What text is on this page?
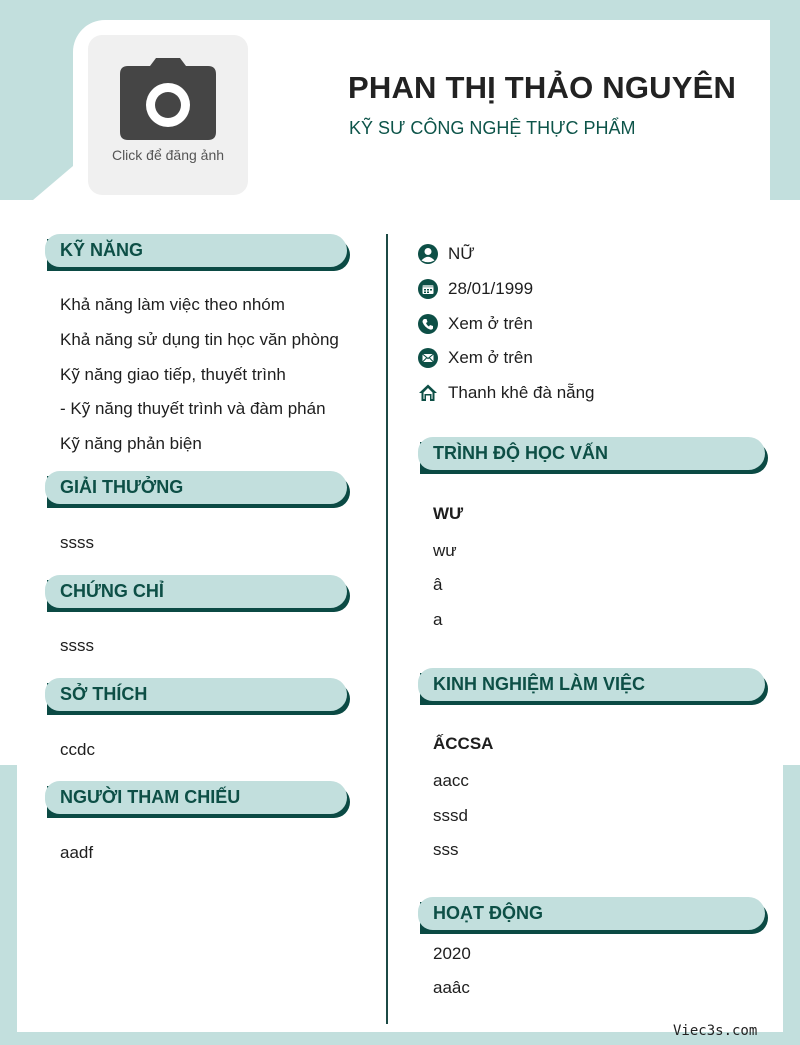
Click để đăng ảnh
PHAN THỊ THẢO NGUYÊN
KỸ SƯ CÔNG NGHỆ THỰC PHẨM
KỸ NĂNG
Khả năng làm việc theo nhóm
Khả năng sử dụng tin học văn phòng
Kỹ năng giao tiếp, thuyết trình
- Kỹ năng thuyết trình và đàm phán
Kỹ năng phản biện
GIẢI THƯỞNG
ssss
CHỨNG CHỈ
ssss
SỞ THÍCH
ccdc
NGƯỜI THAM CHIẾU
aadf
NỮ
28/01/1999
Xem ở trên
Xem ở trên
Thanh khê đà nẵng
TRÌNH ĐỘ HỌC VẤN
WƯ
wư
â
a
KINH NGHIỆM LÀM VIỆC
ẤCCSA
aacc
sssd
sss
HOẠT ĐỘNG
2020
aaâc
Viec3s.com
